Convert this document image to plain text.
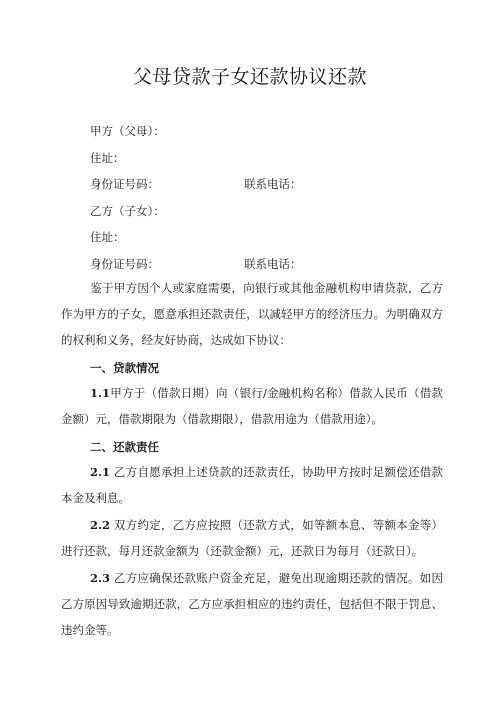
父母贷款子女还款协议还款
甲方（父母）：
住址：
身份证号码：	联系电话：
乙方（子女）：
住址：
身份证号码：	联系电话：
鉴于甲方因个人或家庭需要，向银行或其他金融机构申请贷款，乙方作为甲方的子女，愿意承担还款责任，以减轻甲方的经济压力。为明确双方的权利和义务，经友好协商，达成如下协议：
一、贷款情况
1.1甲方于（借款日期）向（银行/金融机构名称）借款人民币（借款金额）元，借款期限为（借款期限），借款用途为（借款用途）。
二、还款责任
2.1 乙方自愿承担上述贷款的还款责任，协助甲方按时足额偿还借款本金及利息。
2.2 双方约定，乙方应按照（还款方式，如等额本息、等额本金等）进行还款，每月还款金额为（还款金额）元，还款日为每月（还款日）。
2.3 乙方应确保还款账户资金充足，避免出现逾期还款的情况。如因乙方原因导致逾期还款，乙方应承担相应的违约责任，包括但不限于罚息、违约金等。
